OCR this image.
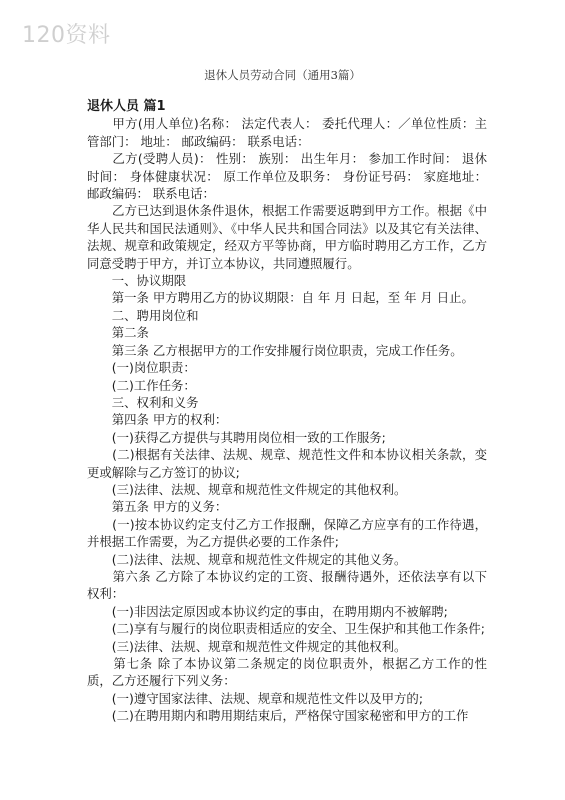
120资料
退休人员劳动合同（通用3篇）

退休人员 篇1

　　甲方(用人单位)名称： 法定代表人： 委托代理人：／单位性质：主管部门： 地址： 邮政编码： 联系电话：

　　乙方(受聘人员)： 性别： 族别： 出生年月： 参加工作时间： 退休时间： 身体健康状况： 原工作单位及职务： 身份证号码： 家庭地址： 邮政编码： 联系电话：

　　乙方已达到退休条件退休，根据工作需要返聘到甲方工作。根据《中华人民共和国民法通则》、《中华人民共和国合同法》以及其它有关法律、法规、规章和政策规定，经双方平等协商，甲方临时聘用乙方工作，乙方同意受聘于甲方，并订立本协议，共同遵照履行。

　　一、协议期限

　　第一条 甲方聘用乙方的协议期限：自 年 月 日起，至 年 月 日止。

　　二、聘用岗位和

　　第二条

　　第三条 乙方根据甲方的工作安排履行岗位职责，完成工作任务。

　　(一)岗位职责：

　　(二)工作任务：

　　三、权利和义务

　　第四条 甲方的权利：

　　(一)获得乙方提供与其聘用岗位相一致的工作服务;

　　(二)根据有关法律、法规、规章、规范性文件和本协议相关条款，变更或解除与乙方签订的协议;

　　(三)法律、法规、规章和规范性文件规定的其他权利。

　　第五条 甲方的义务：

　　(一)按本协议约定支付乙方工作报酬，保障乙方应享有的工作待遇，并根据工作需要，为乙方提供必要的工作条件;

　　(二)法律、法规、规章和规范性文件规定的其他义务。

　　第六条 乙方除了本协议约定的工资、报酬待遇外，还依法享有以下权利：

　　(一)非因法定原因或本协议约定的事由，在聘用期内不被解聘;

　　(二)享有与履行的岗位职责相适应的安全、卫生保护和其他工作条件;

　　(三)法律、法规、规章和规范性文件规定的其他权利。

　　第七条 除了本协议第二条规定的岗位职责外，根据乙方工作的性质，乙方还履行下列义务：

　　(一)遵守国家法律、法规、规章和规范性文件以及甲方的;

　　(二)在聘用期内和聘用期结束后，严格保守国家秘密和甲方的工作
